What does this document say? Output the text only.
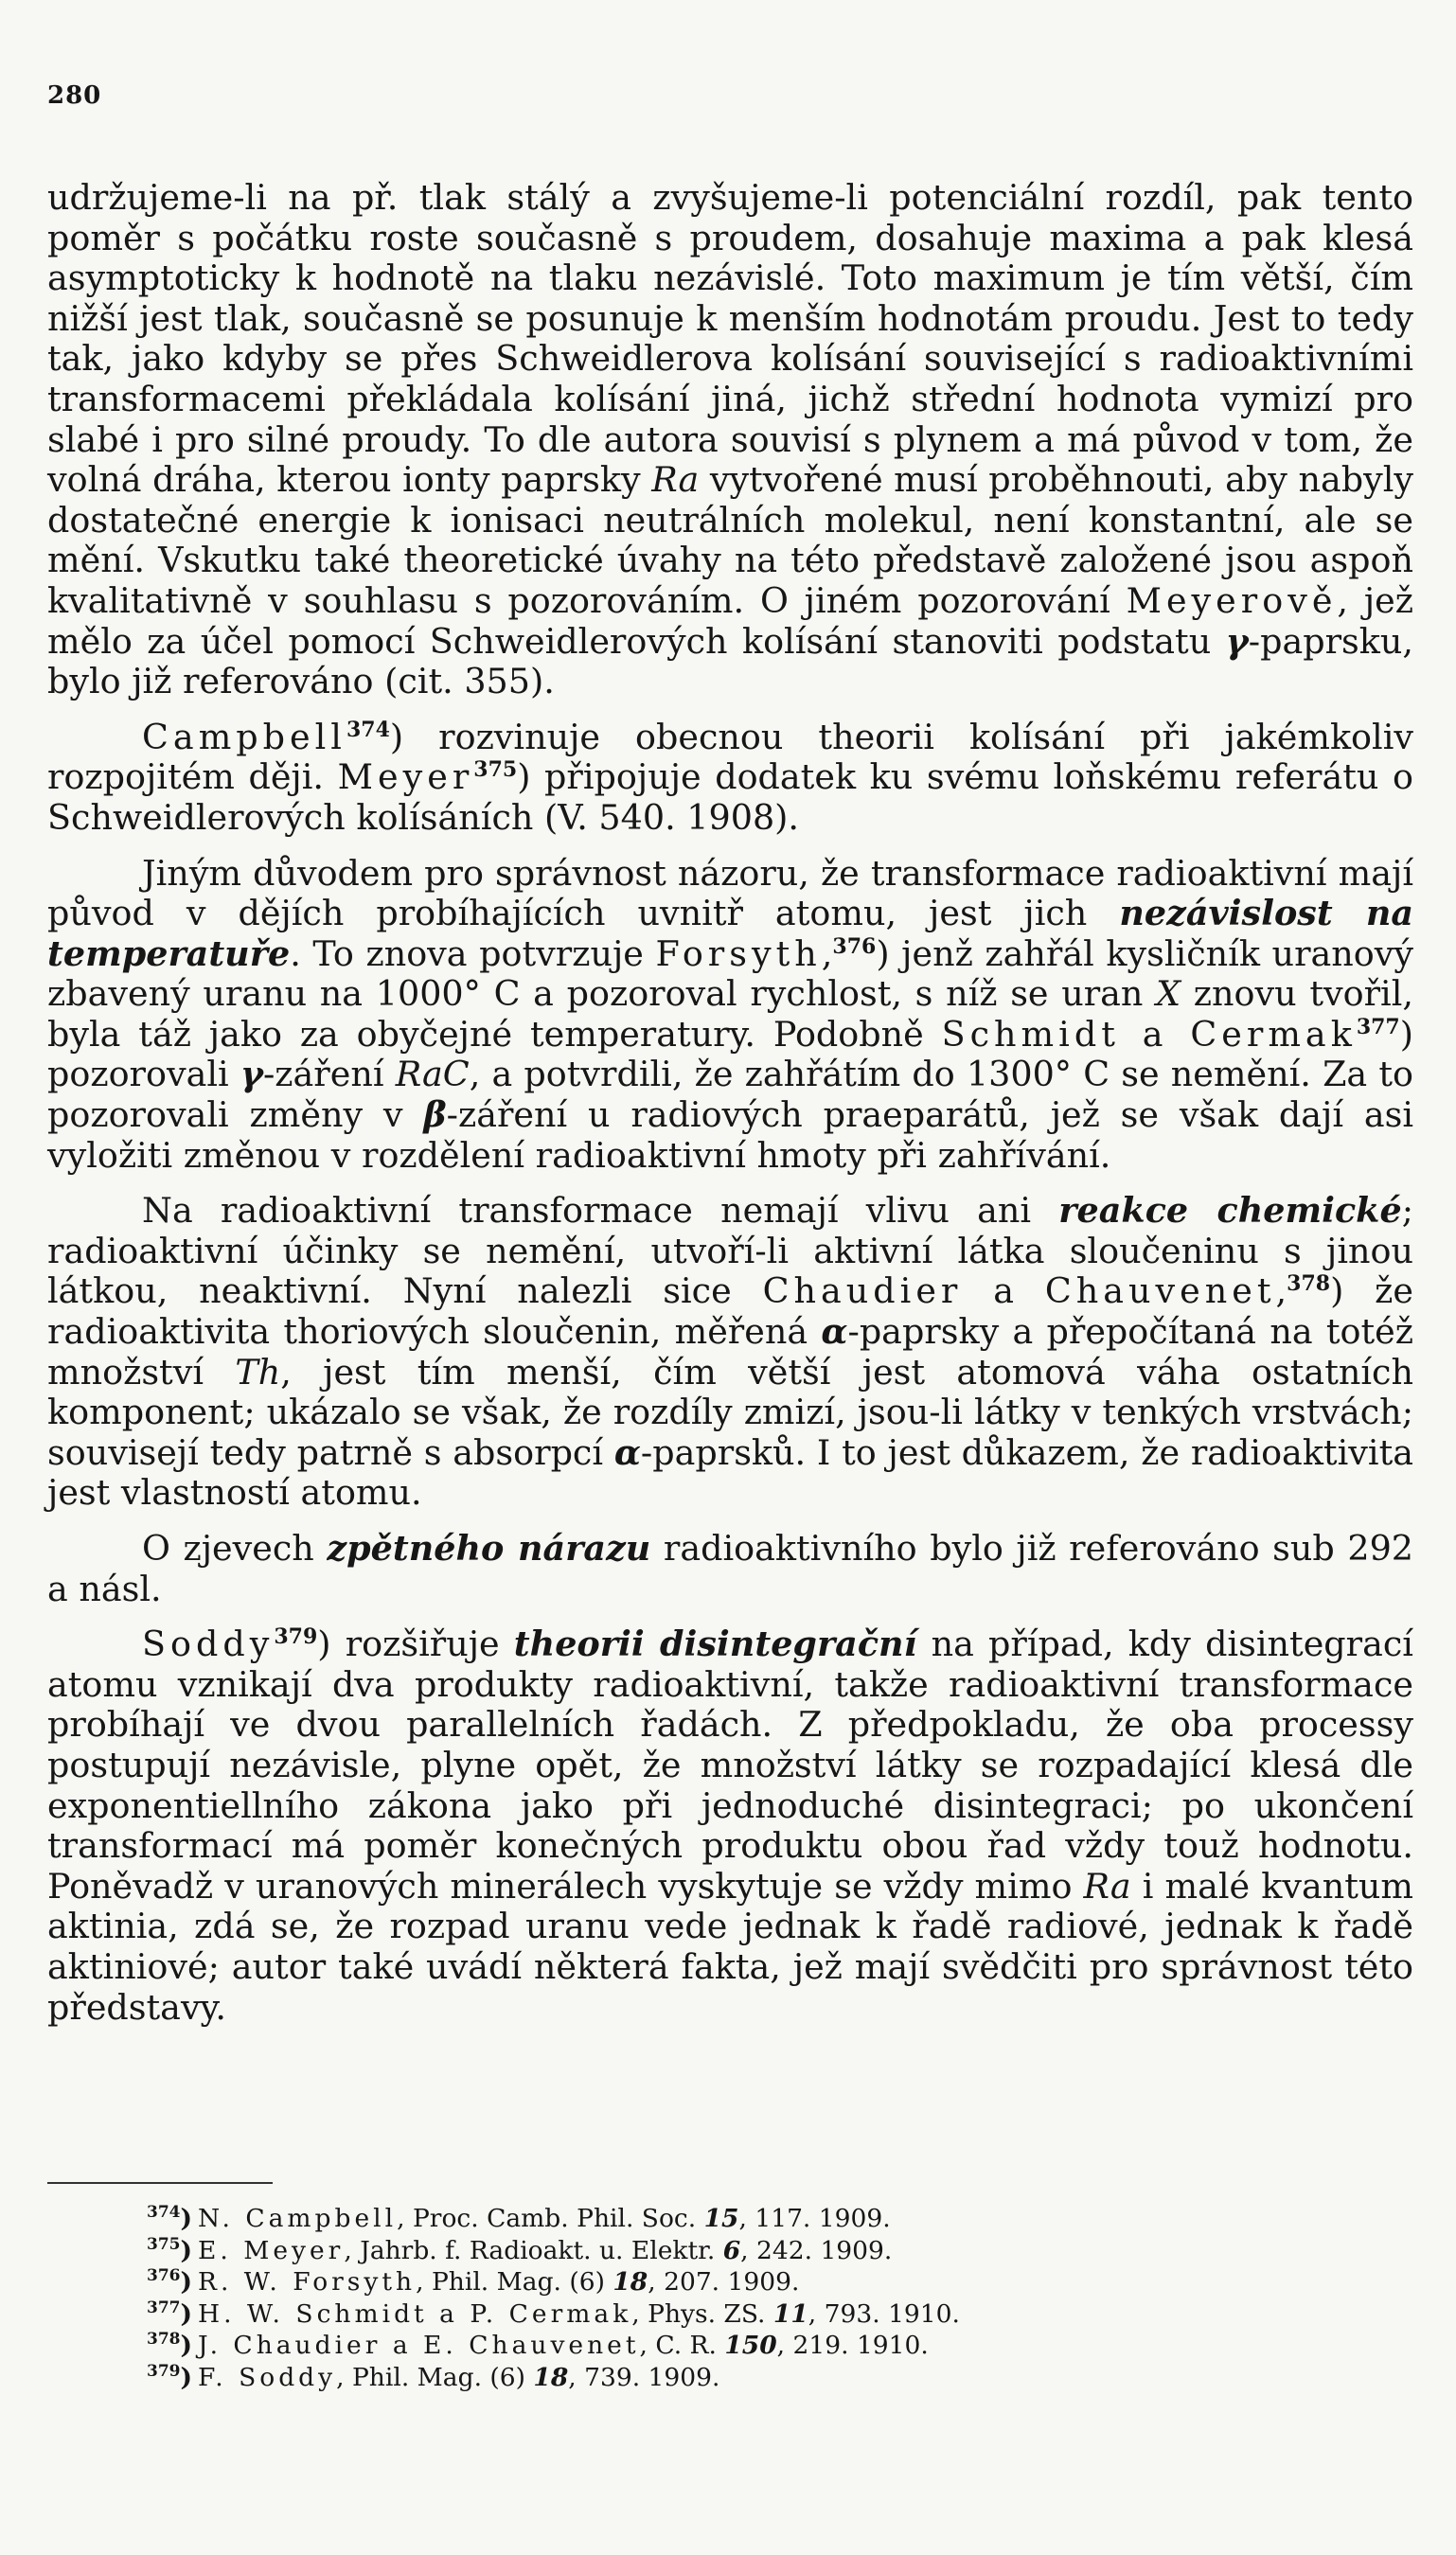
280

udržujeme-li na př. tlak stálý a zvyšujeme-li potenciální rozdíl, pak tento poměr s počátku roste současně s proudem, dosahuje maxima a pak klesá asymptoticky k hodnotě na tlaku nezávislé. Toto maximum je tím větší, čím nižší jest tlak, současně se posunuje k menším hodnotám proudu. Jest to tedy tak, jako kdyby se přes Schweidlerova kolísání související s radioaktivními transformacemi překládala kolísání jiná, jichž střední hodnota vymizí pro slabé i pro silné proudy. To dle autora souvisí s plynem a má původ v tom, že volná dráha, kterou ionty paprsky Ra vytvořené musí proběhnouti, aby nabyly dostatečné energie k ionisaci neutrálních molekul, není konstantní, ale se mění. Vskutku také theoretické úvahy na této představě založené jsou aspoň kvalitativně v souhlasu s pozorováním. O jiném pozorování Meyerově, jež mělo za účel pomocí Schweidlerových kolísání stanoviti podstatu γ-paprsku, bylo již referováno (cit. 355).

Campbell$^{374}$) rozvinuje obecnou theorii kolísání při jakémkoliv rozpojitém ději. Meyer$^{375}$) připojuje dodatek ku svému loňskému referátu o Schweidlerových kolísáních (V. 540. 1908).

Jiným důvodem pro správnost názoru, že transformace radioaktivní mají původ v dějích probíhajících uvnitř atomu, jest jich nezávislost na temperatuře. To znova potvrzuje Forsyth,$^{376}$) jenž zahřál kysličník uranový zbavený uranu na 1000° C a pozoroval rychlost, s níž se uran X znovu tvořil, byla táž jako za obyčejné temperatury. Podobně Schmidt a Cermak$^{377}$) pozorovali γ-záření RaC, a potvrdili, že zahřátím do 1300° C se nemění. Za to pozorovali změny v β-záření u radiových praeparátů, jež se však dají asi vyložiti změnou v rozdělení radioaktivní hmoty při zahřívání.

Na radioaktivní transformace nemají vlivu ani reakce chemické; radioaktivní účinky se nemění, utvoří-li aktivní látka sloučeninu s jinou látkou, neaktivní. Nyní nalezli sice Chaudier a Chauvenet,$^{378}$) že radioaktivita thoriových sloučenin, měřená α-paprsky a přepočítaná na totéž množství Th, jest tím menší, čím větší jest atomová váha ostatních komponent; ukázalo se však, že rozdíly zmizí, jsou-li látky v tenkých vrstvách; souvisejí tedy patrně s absorpcí α-paprsků. I to jest důkazem, že radioaktivita jest vlastností atomu.

O zjevech zpětného nárazu radioaktivního bylo již referováno sub 292 a násl.

Soddy$^{379}$) rozšiřuje theorii disintegrační na případ, kdy disintegrací atomu vznikají dva produkty radioaktivní, takže radioaktivní transformace probíhají ve dvou parallelních řadách. Z předpokladu, že oba processy postupují nezávisle, plyne opět, že množství látky se rozpadající klesá dle exponentiellního zákona jako při jednoduché disintegraci; po ukončení transformací má poměr konečných produktu obou řad vždy touž hodnotu. Poněvadž v uranových minerálech vyskytuje se vždy mimo Ra i malé kvantum aktinia, zdá se, že rozpad uranu vede jednak k řadě radiové, jednak k řadě aktiniové; autor také uvádí některá fakta, jež mají svědčiti pro správnost této představy.

$^{374}$) N. Campbell, Proc. Camb. Phil. Soc. 15, 117. 1909.
$^{375}$) E. Meyer, Jahrb. f. Radioakt. u. Elektr. 6, 242. 1909.
$^{376}$) R. W. Forsyth, Phil. Mag. (6) 18, 207. 1909.
$^{377}$) H. W. Schmidt a P. Cermak, Phys. ZS. 11, 793. 1910.
$^{378}$) J. Chaudier a E. Chauvenet, C. R. 150, 219. 1910.
$^{379}$) F. Soddy, Phil. Mag. (6) 18, 739. 1909.
